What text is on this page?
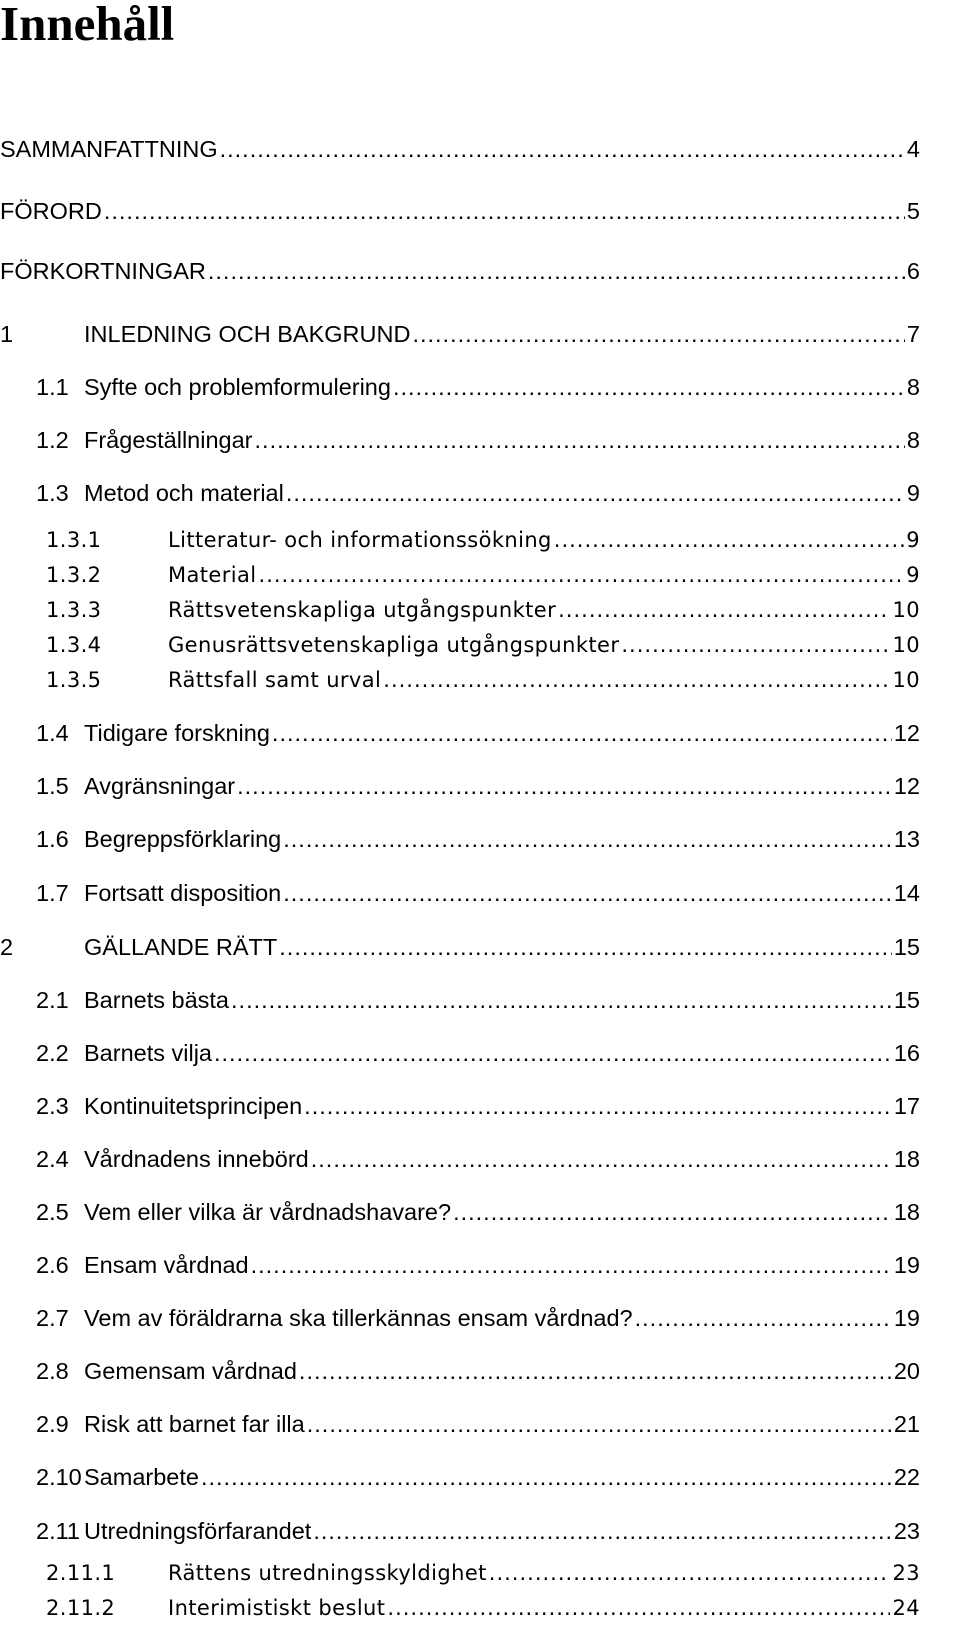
Innehåll
SAMMANFATTNING .....	4
FÖRORD .....	5
FÖRKORTNINGAR .....	6
1	INLEDNING OCH BAKGRUND .....	7
1.1 Syfte och problemformulering .....	8
1.2 Frågeställningar .....	8
1.3 Metod och material .....	9
1.3.1	Litteratur- och informationssökning .....	9
1.3.2	Material .....	9
1.3.3	Rättsvetenskapliga utgångspunkter .....	10
1.3.4	Genusrättsvetenskapliga utgångspunkter .....	10
1.3.5	Rättsfall samt urval .....	10
1.4 Tidigare forskning .....	12
1.5 Avgränsningar .....	12
1.6 Begreppsförklaring .....	13
1.7 Fortsatt disposition .....	14
2	GÄLLANDE RÄTT .....	15
2.1 Barnets bästa .....	15
2.2 Barnets vilja .....	16
2.3 Kontinuitetsprincipen .....	17
2.4 Vårdnadens innebörd .....	18
2.5 Vem eller vilka är vårdnadshavare? .....	18
2.6 Ensam vårdnad .....	19
2.7 Vem av föräldrarna ska tillerkännas ensam vårdnad? .....	19
2.8 Gemensam vårdnad .....	20
2.9 Risk att barnet far illa .....	21
2.10 Samarbete .....	22
2.11 Utredningsförfarandet .....	23
2.11.1	Rättens utredningsskyldighet .....	23
2.11.2	Interimistiskt beslut .....	24
